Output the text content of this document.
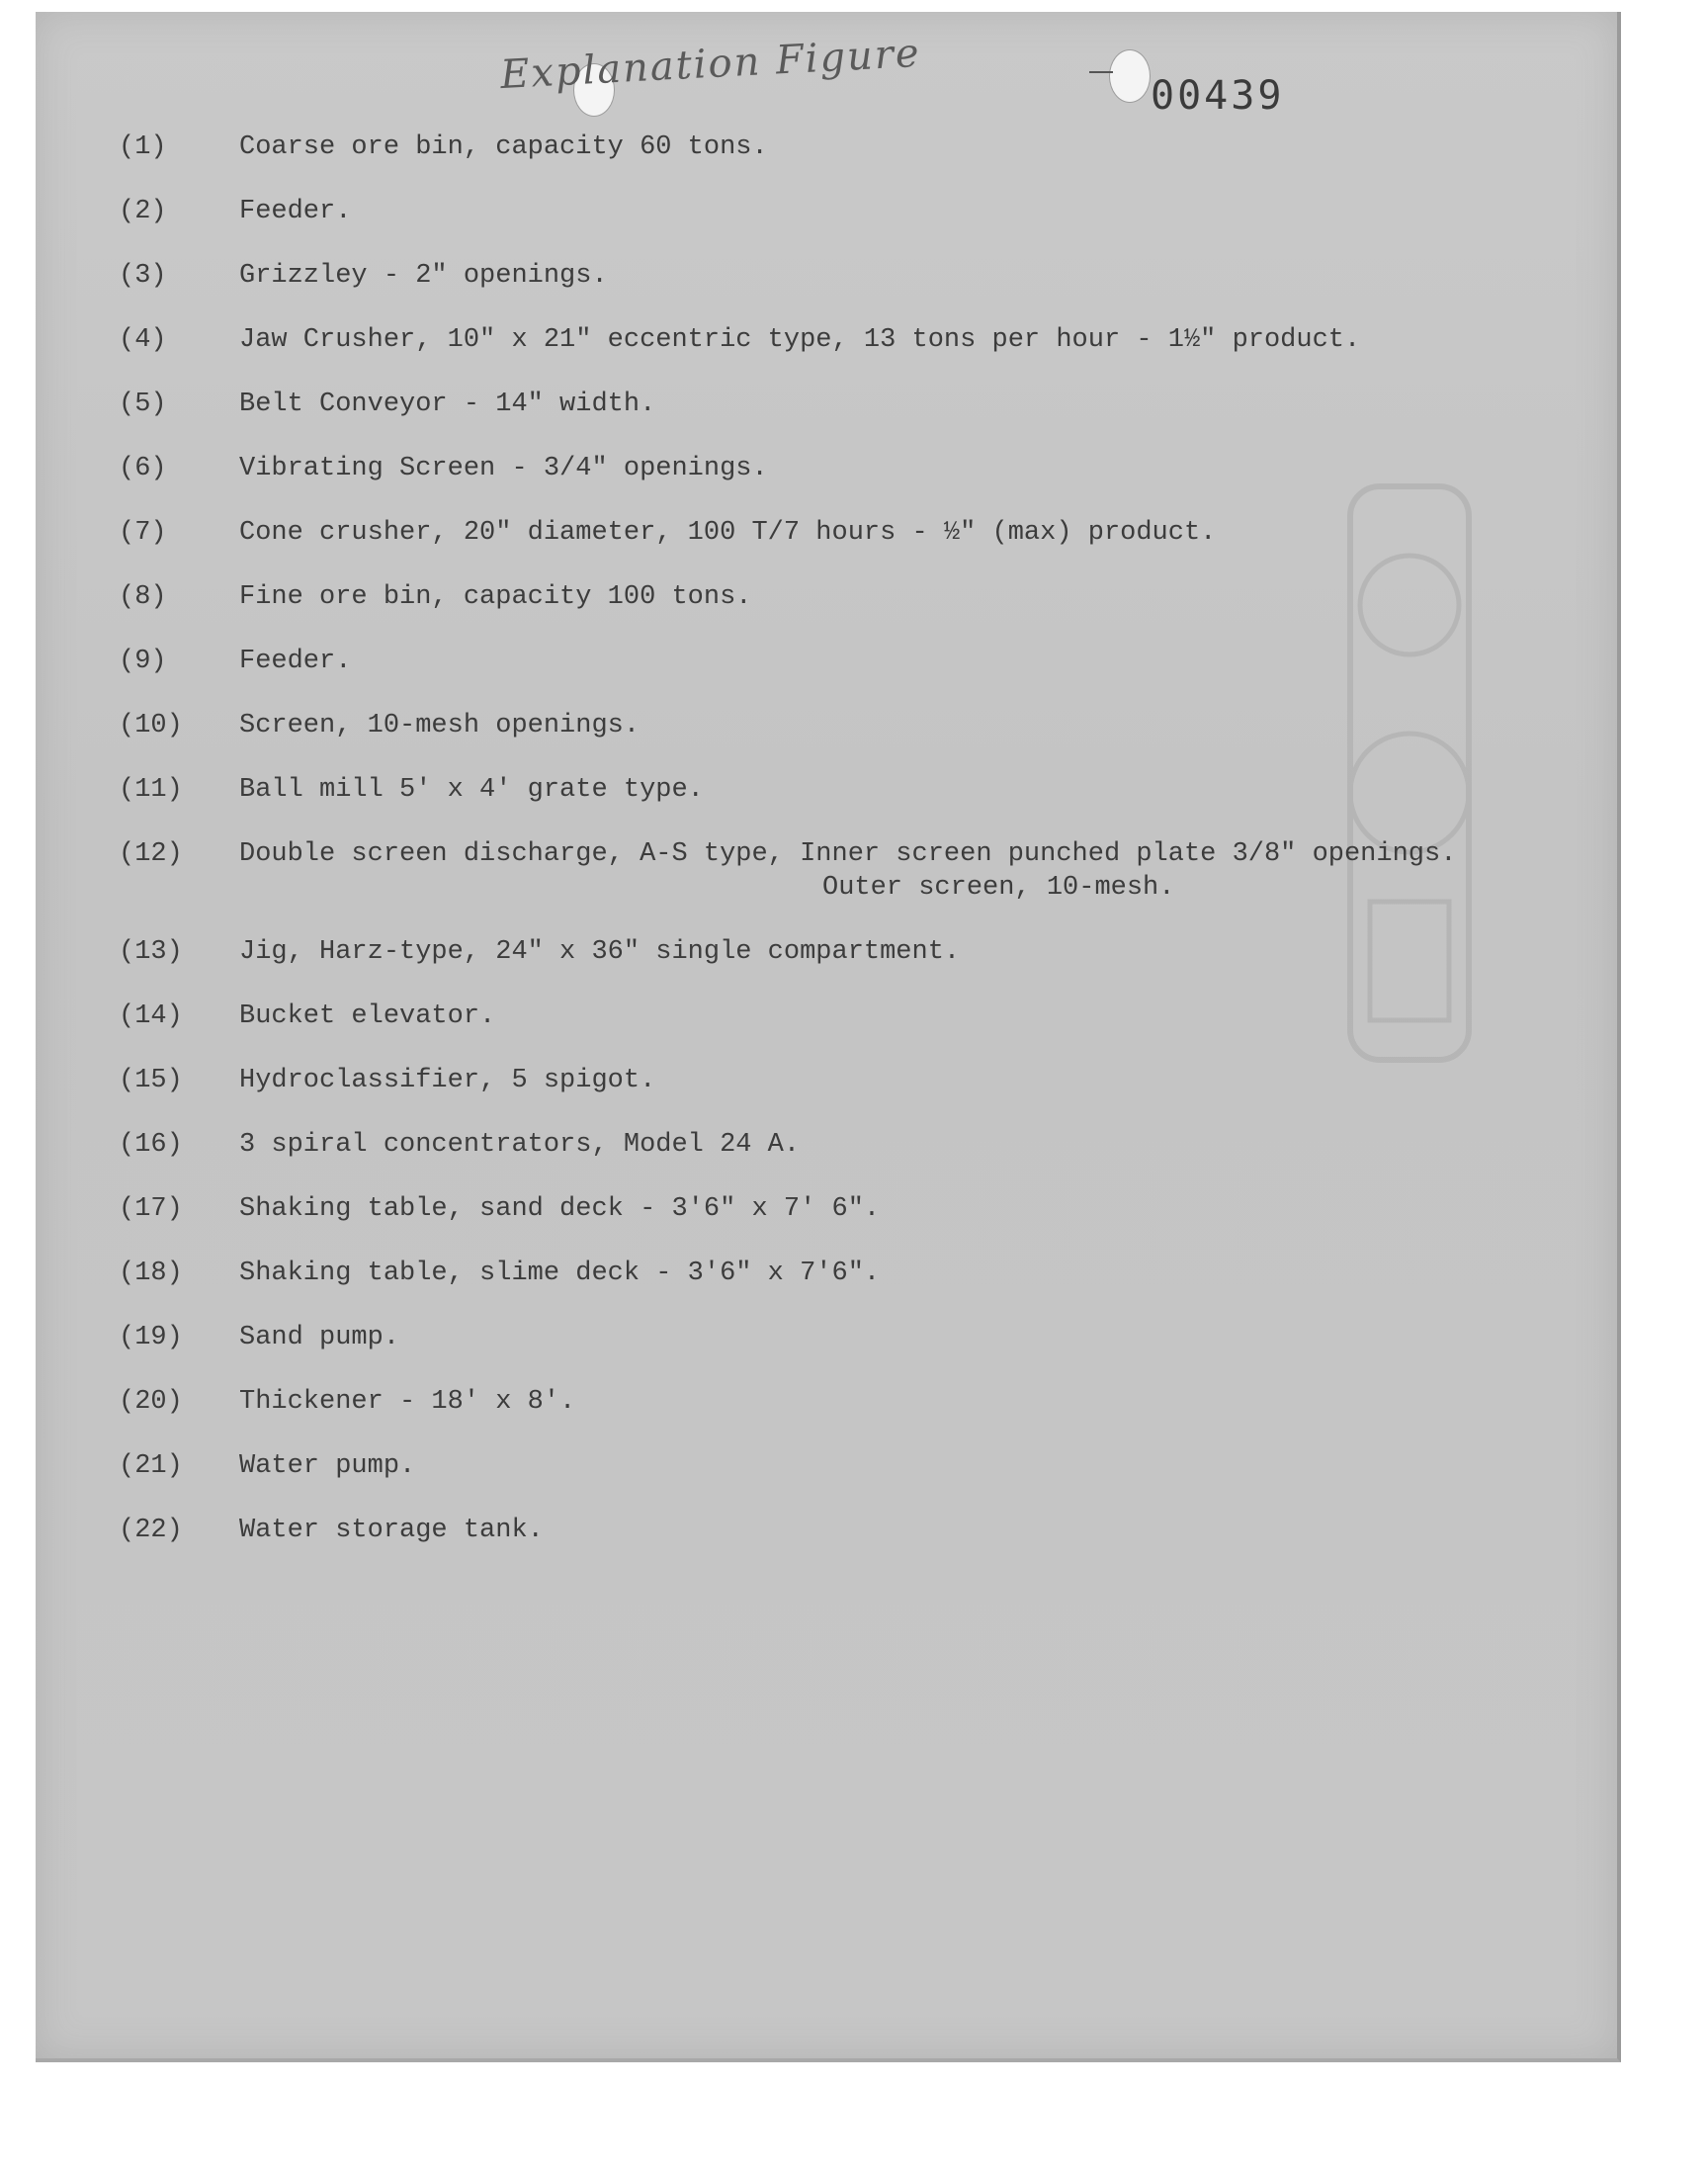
Explanation Figure	00439
(1)	Coarse ore bin, capacity 60 tons.
(2)	Feeder.
(3)	Grizzley - 2" openings.
(4)	Jaw Crusher, 10" x 21" eccentric type, 13 tons per hour - 1½" product.
(5)	Belt Conveyor - 14" width.
(6)	Vibrating Screen - 3/4" openings.
(7)	Cone crusher, 20" diameter, 100 T/7 hours - ½" (max) product.
(8)	Fine ore bin, capacity 100 tons.
(9)	Feeder.
(10)	Screen, 10-mesh openings.
(11)	Ball mill 5' x 4' grate type.
(12)	Double screen discharge, A-S type, Inner screen punched plate 3/8" openings.
Outer screen, 10-mesh.
(13)	Jig, Harz-type, 24" x 36" single compartment.
(14)	Bucket elevator.
(15)	Hydroclassifier, 5 spigot.
(16)	3 spiral concentrators, Model 24 A.
(17)	Shaking table, sand deck - 3'6" x 7' 6".
(18)	Shaking table, slime deck - 3'6" x 7'6".
(19)	Sand pump.
(20)	Thickener - 18' x 8'.
(21)	Water pump.
(22)	Water storage tank.
